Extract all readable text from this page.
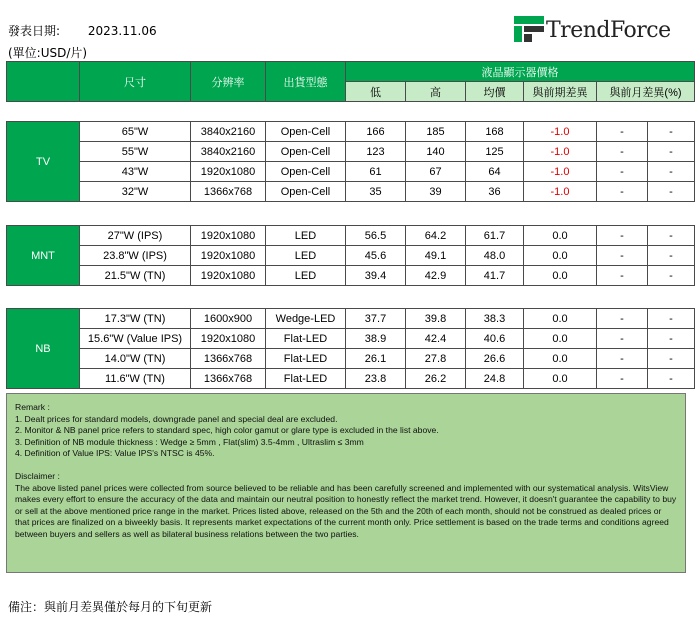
發表日期: 2023.11.06
(單位:USD/片)
TrendForce
	尺寸	分辨率	出貨型態	液晶顯示器價格				
				低	高	均價	與前期差異	與前月差異(%)
TV	65"W	3840x2160	Open-Cell	166	185	168	-1.0	-	-
	55"W	3840x2160	Open-Cell	123	140	125	-1.0	-	-
	43"W	1920x1080	Open-Cell	61	67	64	-1.0	-	-
	32"W	1366x768	Open-Cell	35	39	36	-1.0	-	-
MNT	27"W (IPS)	1920x1080	LED	56.5	64.2	61.7	0.0	-	-
	23.8"W (IPS)	1920x1080	LED	45.6	49.1	48.0	0.0	-	-
	21.5"W (TN)	1920x1080	LED	39.4	42.9	41.7	0.0	-	-
NB	17.3"W (TN)	1600x900	Wedge-LED	37.7	39.8	38.3	0.0	-	-
	15.6"W (Value IPS)	1920x1080	Flat-LED	38.9	42.4	40.6	0.0	-	-
	14.0"W (TN)	1366x768	Flat-LED	26.1	27.8	26.6	0.0	-	-
	11.6"W (TN)	1366x768	Flat-LED	23.8	26.2	24.8	0.0	-	-
Remark :
1. Dealt prices for standard models, downgrade panel and special deal are excluded.
2. Monitor & NB panel price refers to standard spec, high color gamut or glare type is excluded in the list above.
3. Definition of NB module thickness : Wedge ≥ 5mm , Flat(slim) 3.5-4mm , Ultraslim ≤ 3mm
4. Definition of Value IPS: Value IPS's NTSC is 45%.
Disclaimer :
The above listed panel prices were collected from source believed to be reliable and has been carefully screened and implemented with our systematical analysis. WitsView makes every effort to ensure the accuracy of the data and maintain our neutral position to honestly reflect the market trend. However, it doesn't guarantee the capability to buy or sell at the above mentioned price range in the market. Prices listed above, released on the 5th and the 20th of each month, should not be construed as dealed prices or that prices are finalized on a biweekly basis. It represents market expectations of the current month only. Price settlement is based on the trade terms and conditions agreed between buyers and sellers as well as bilateral business relations between the two parties.
備注：與前月差異僅於每月的下旬更新
